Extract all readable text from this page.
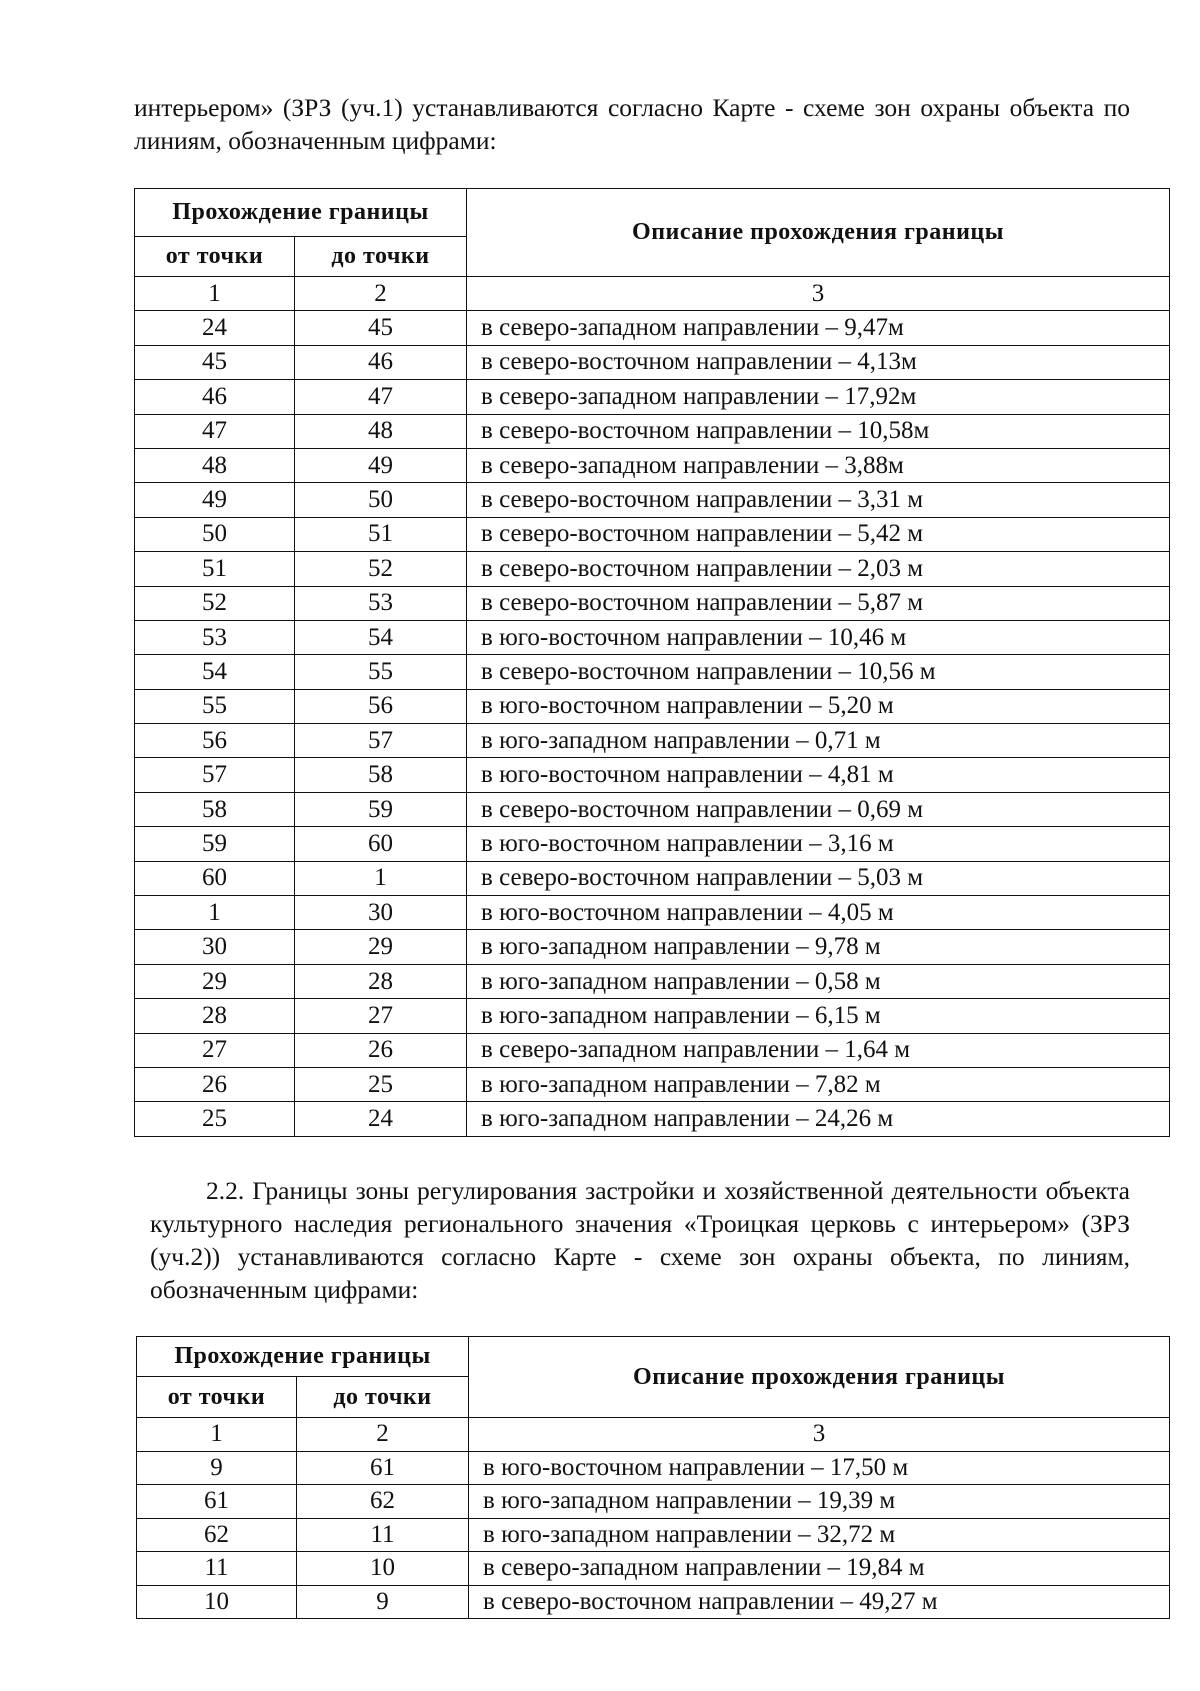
интерьером» (ЗРЗ (уч.1) устанавливаются согласно Карте - схеме зон охраны объекта по линиям, обозначенным цифрами:
Прохождение границы		Описание прохождения границы
от точки	до точки	
1	2	3
24	45	в северо-западном направлении – 9,47м
45	46	в северо-восточном направлении – 4,13м
46	47	в северо-западном направлении – 17,92м
47	48	в северо-восточном направлении – 10,58м
48	49	в северо-западном направлении – 3,88м
49	50	в северо-восточном направлении – 3,31 м
50	51	в северо-восточном направлении – 5,42 м
51	52	в северо-восточном направлении – 2,03 м
52	53	в северо-восточном направлении – 5,87 м
53	54	в юго-восточном направлении – 10,46 м
54	55	в северо-восточном направлении – 10,56 м
55	56	в юго-восточном направлении – 5,20 м
56	57	в юго-западном направлении – 0,71 м
57	58	в юго-восточном направлении – 4,81 м
58	59	в северо-восточном направлении – 0,69 м
59	60	в юго-восточном направлении – 3,16 м
60	1	в северо-восточном направлении – 5,03 м
1	30	в юго-восточном направлении – 4,05 м
30	29	в юго-западном направлении – 9,78 м
29	28	в юго-западном направлении – 0,58 м
28	27	в юго-западном направлении – 6,15 м
27	26	в северо-западном направлении – 1,64 м
26	25	в юго-западном направлении – 7,82 м
25	24	в юго-западном направлении – 24,26 м
2.2. Границы зоны регулирования застройки и хозяйственной деятельности объекта культурного наследия регионального значения «Троицкая церковь с интерьером» (ЗРЗ (уч.2)) устанавливаются согласно Карте - схеме зон охраны объекта, по линиям, обозначенным цифрами:
Прохождение границы		Описание прохождения границы
от точки	до точки	
1	2	3
9	61	в юго-восточном направлении – 17,50 м
61	62	в юго-западном направлении – 19,39 м
62	11	в юго-западном направлении – 32,72 м
11	10	в северо-западном направлении – 19,84 м
10	9	в северо-восточном направлении – 49,27 м
